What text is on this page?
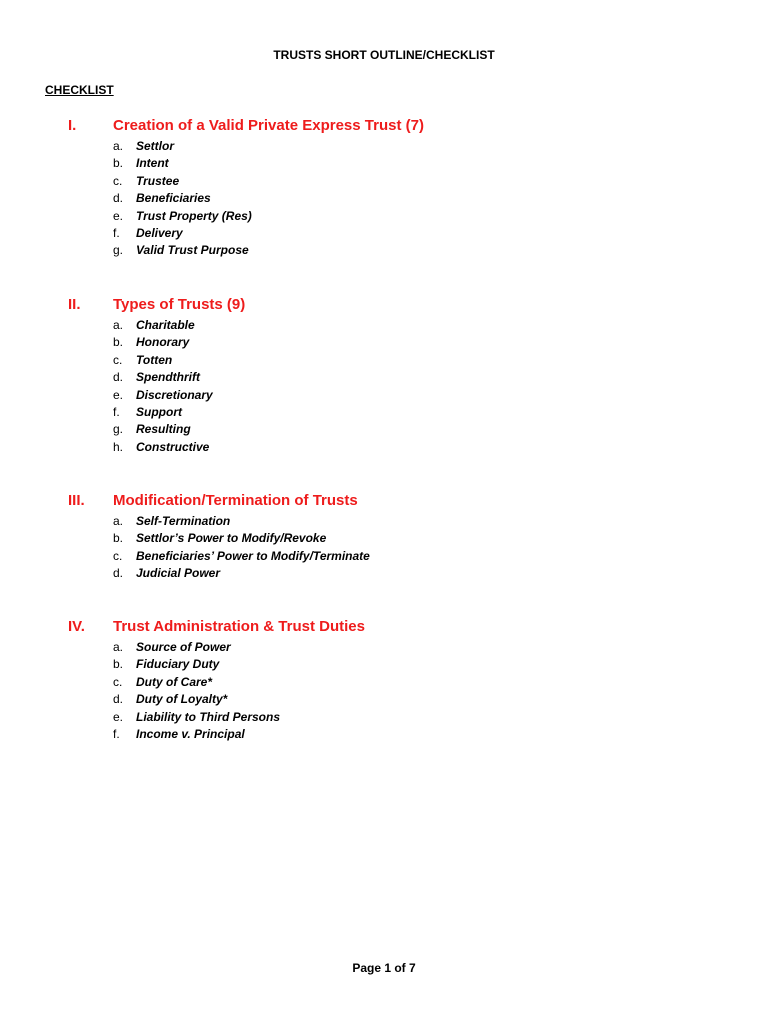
TRUSTS SHORT OUTLINE/CHECKLIST
CHECKLIST
I. Creation of a Valid Private Express Trust (7)
a. Settlor
b. Intent
c. Trustee
d. Beneficiaries
e. Trust Property (Res)
f. Delivery
g. Valid Trust Purpose
II. Types of Trusts (9)
a. Charitable
b. Honorary
c. Totten
d. Spendthrift
e. Discretionary
f. Support
g. Resulting
h. Constructive
III. Modification/Termination of Trusts
a. Self-Termination
b. Settlor’s Power to Modify/Revoke
c. Beneficiaries’ Power to Modify/Terminate
d. Judicial Power
IV. Trust Administration & Trust Duties
a. Source of Power
b. Fiduciary Duty
c. Duty of Care*
d. Duty of Loyalty*
e. Liability to Third Persons
f. Income v. Principal
Page 1 of 7
